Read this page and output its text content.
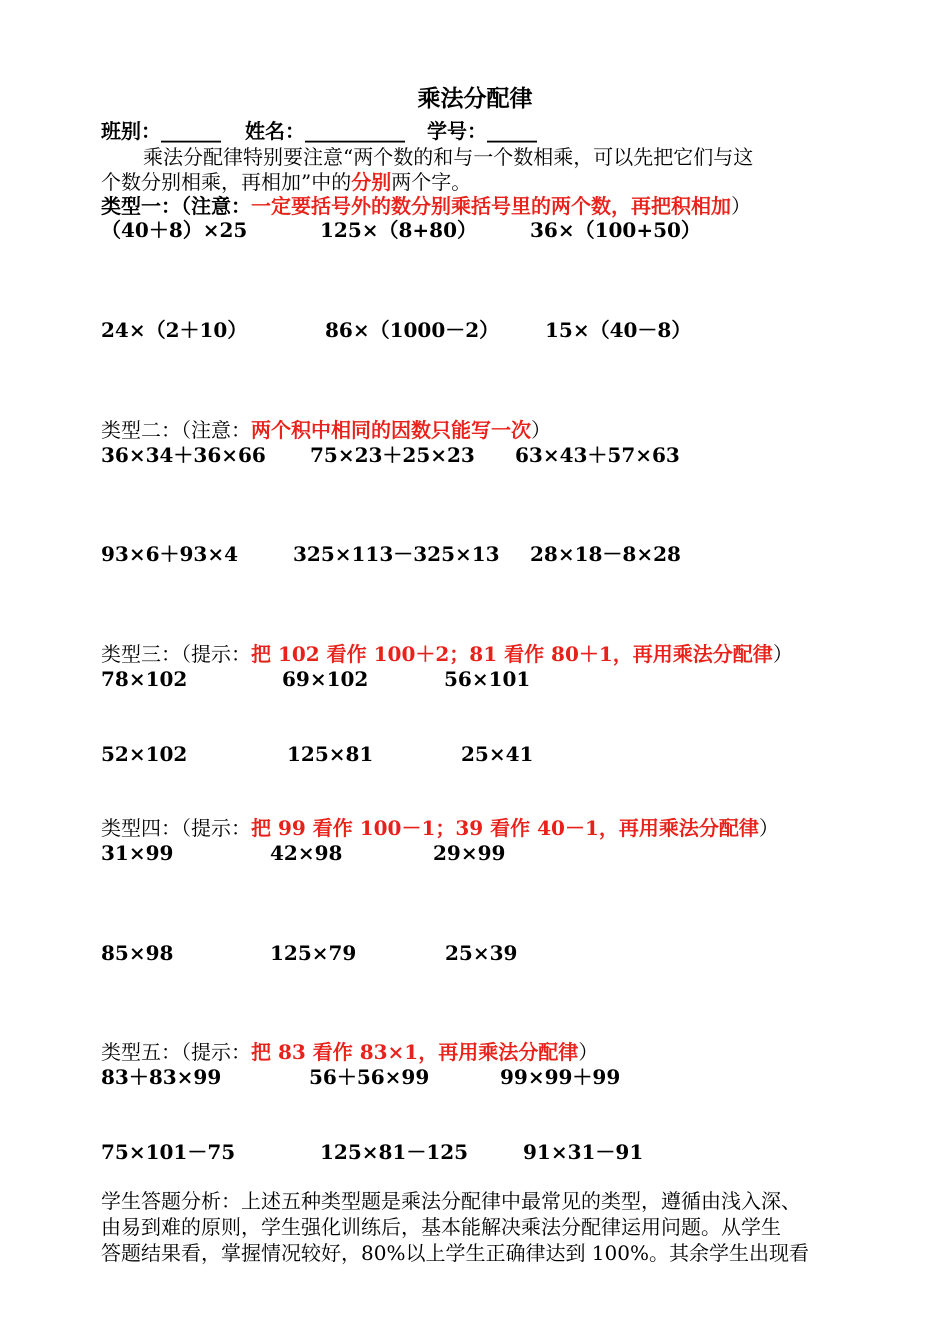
乘法分配律
班别：______ 姓名：__________ 学号：_____
乘法分配律特别要注意“两个数的和与一个数相乘，可以先把它们与这
个数分别相乘，再相加”中的分别两个字。
类型一：（注意：一定要括号外的数分别乘括号里的两个数，再把积相加）
（40＋8）×25	125×（8+80）	36×（100+50）
24×（2＋10）	86×（1000－2） 15×（40－8）
类型二：（注意：两个积中相同的因数只能写一次）
36×34＋36×66 75×23＋25×23 63×43＋57×63
93×6＋93×4	325×113－325×13 28×18－8×28
类型三：（提示：把 102 看作 100＋2；81 看作 80＋1，再用乘法分配律）
78×102	69×102	56×101
52×102	125×81	25×41
类型四：（提示：把 99 看作 100－1；39 看作 40－1，再用乘法分配律）
31×99	42×98	29×99
85×98	125×79	25×39
类型五：（提示：把 83 看作 83×1，再用乘法分配律）
83＋83×99	56＋56×99	99×99＋99
75×101－75	125×81－125	91×31－91
学生答题分析：上述五种类型题是乘法分配律中最常见的类型，遵循由浅入深、
由易到难的原则，学生强化训练后，基本能解决乘法分配律运用问题。从学生
答题结果看，掌握情况较好，80%以上学生正确律达到 100%。其余学生出现看
